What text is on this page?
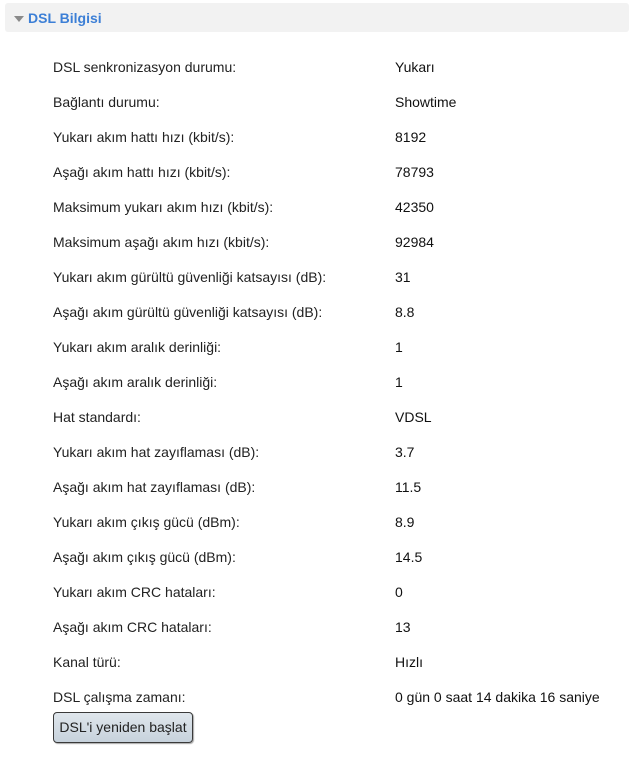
DSL Bilgisi
DSL senkronizasyon durumu:	Yukarı
Bağlantı durumu:	Showtime
Yukarı akım hattı hızı (kbit/s):	8192
Aşağı akım hattı hızı (kbit/s):	78793
Maksimum yukarı akım hızı (kbit/s):	42350
Maksimum aşağı akım hızı (kbit/s):	92984
Yukarı akım gürültü güvenliği katsayısı (dB):	31
Aşağı akım gürültü güvenliği katsayısı (dB):	8.8
Yukarı akım aralık derinliği:	1
Aşağı akım aralık derinliği:	1
Hat standardı:	VDSL
Yukarı akım hat zayıflaması (dB):	3.7
Aşağı akım hat zayıflaması (dB):	11.5
Yukarı akım çıkış gücü (dBm):	8.9
Aşağı akım çıkış gücü (dBm):	14.5
Yukarı akım CRC hataları:	0
Aşağı akım CRC hataları:	13
Kanal türü:	Hızlı
DSL çalışma zamanı:	0 gün 0 saat 14 dakika 16 saniye
DSL'i yeniden başlat
